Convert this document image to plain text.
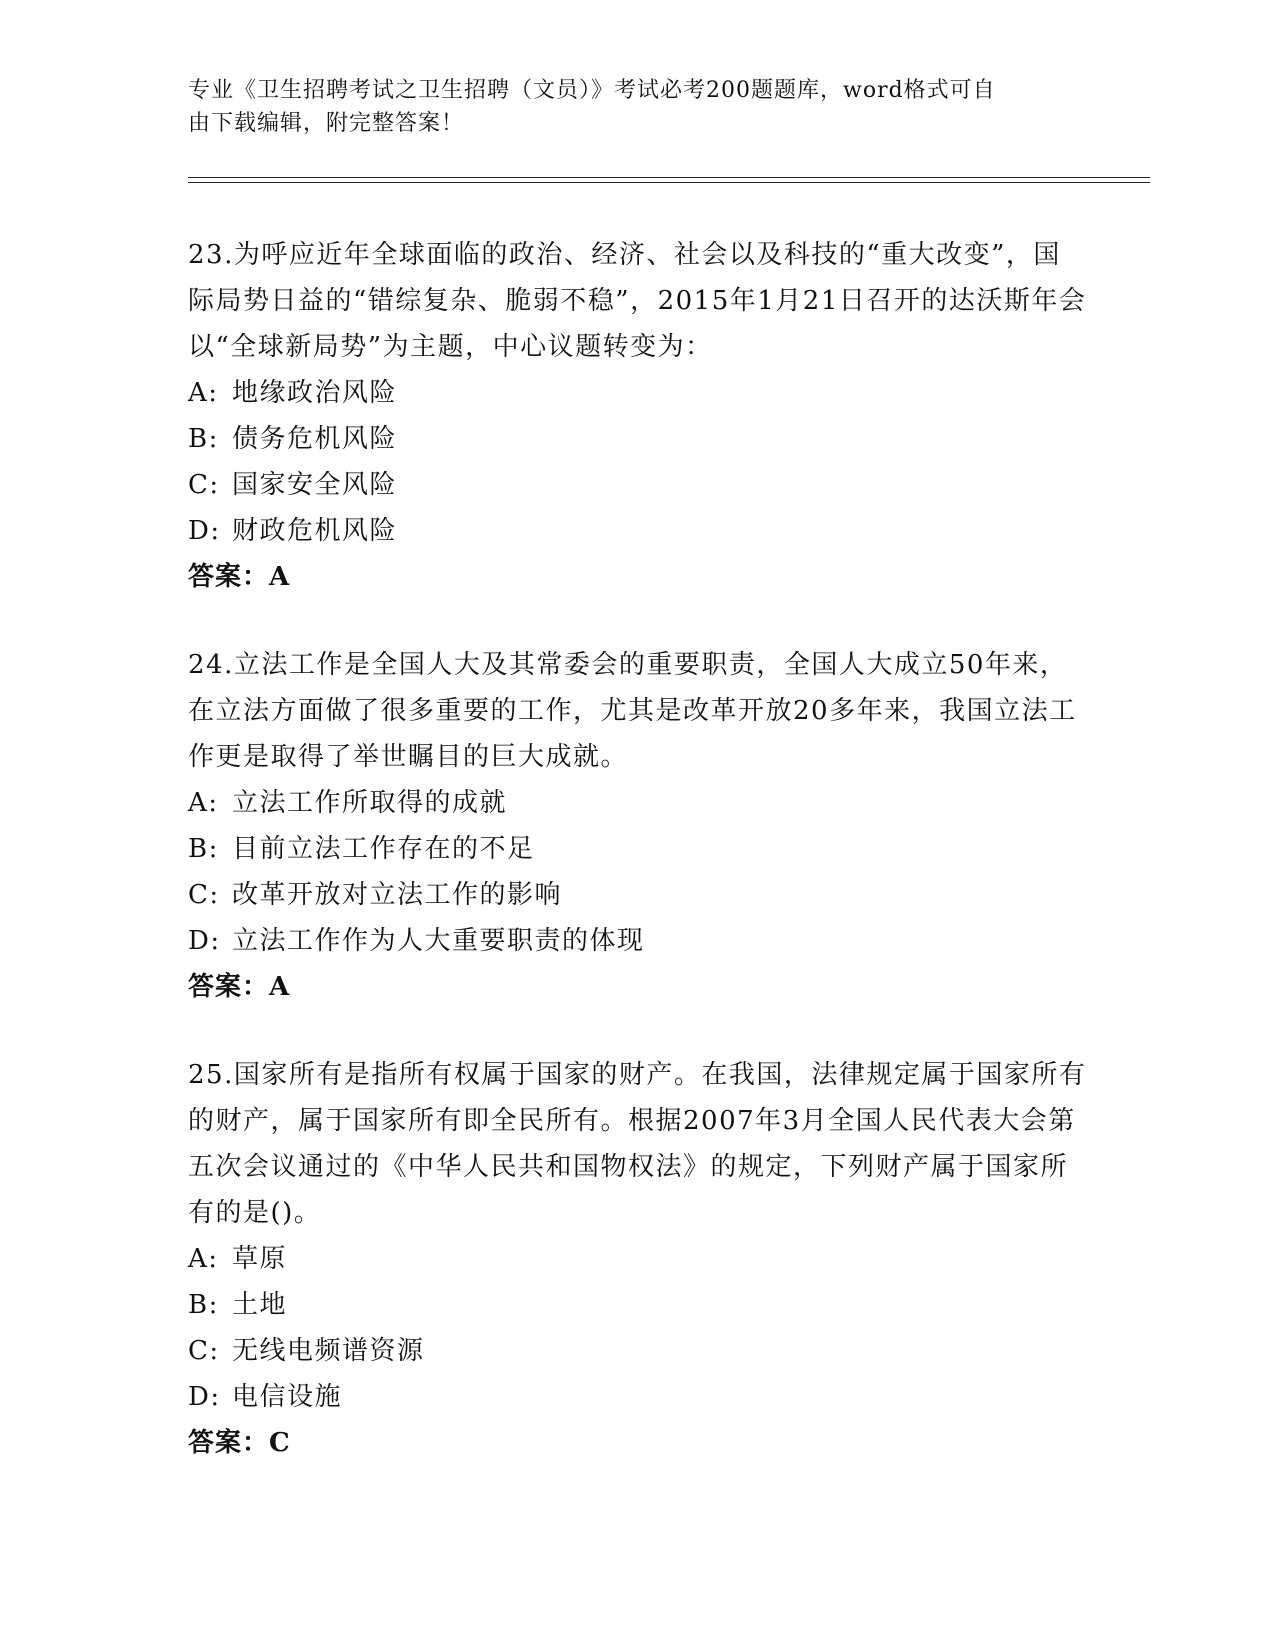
专业《卫生招聘考试之卫生招聘（文员）》考试必考200题题库，word格式可自
由下载编辑，附完整答案！

23.为呼应近年全球面临的政治、经济、社会以及科技的“重大改变”，国际局势日益的“错综复杂、脆弱不稳”，2015年1月21日召开的达沃斯年会以“全球新局势”为主题，中心议题转变为：

A: 地缘政治风险

B: 债务危机风险

C: 国家安全风险

D: 财政危机风险

答案：A

24.立法工作是全国人大及其常委会的重要职责，全国人大成立50年来，在立法方面做了很多重要的工作，尤其是改革开放20多年来，我国立法工作更是取得了举世瞩目的巨大成就。

A: 立法工作所取得的成就

B: 目前立法工作存在的不足

C: 改革开放对立法工作的影响

D: 立法工作作为人大重要职责的体现

答案：A

25.国家所有是指所有权属于国家的财产。在我国，法律规定属于国家所有的财产，属于国家所有即全民所有。根据2007年3月全国人民代表大会第五次会议通过的《中华人民共和国物权法》的规定，下列财产属于国家所有的是()。

A: 草原

B: 土地

C: 无线电频谱资源

D: 电信设施

答案：C
